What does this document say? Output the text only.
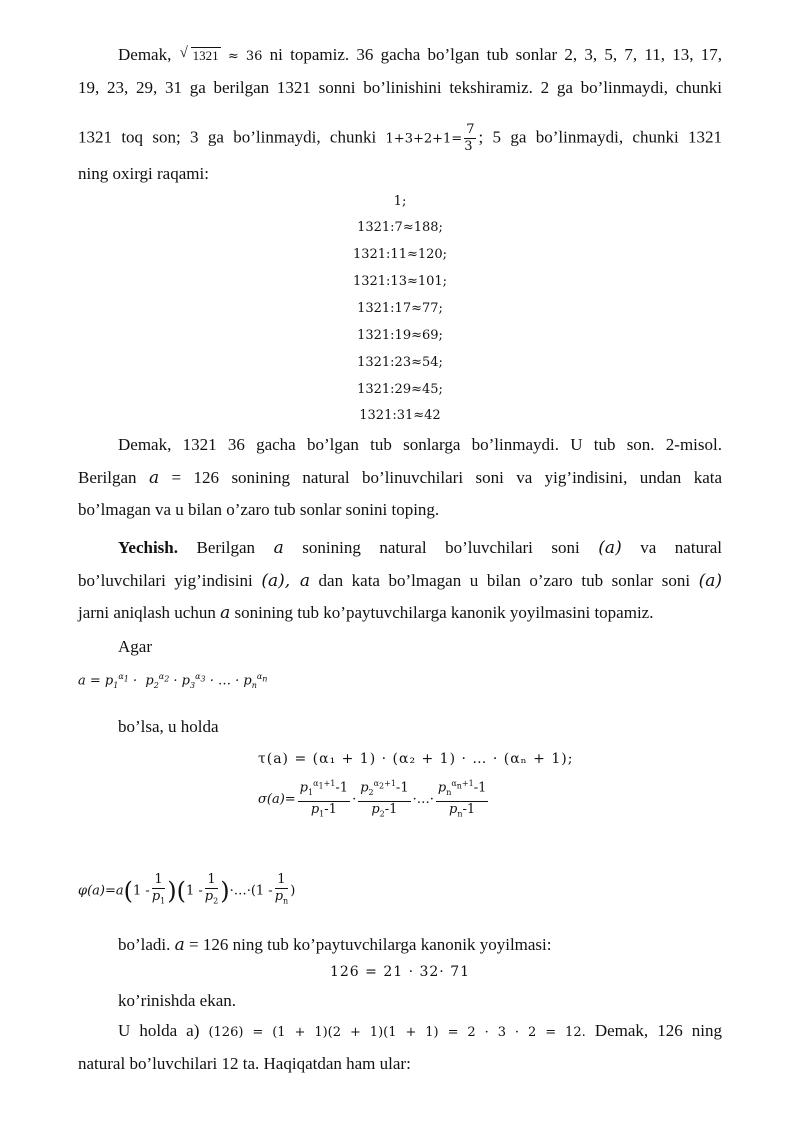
Demak, √ 1321 ≈ 36 ni topamiz. 36 gacha bo’lgan tub sonlar 2, 3, 5, 7, 11, 13, 17,
19, 23, 29, 31 ga berilgan 1321 sonni bo’linishini tekshiramiz. 2 ga bo’linmaydi, chunki
1321 toq son; 3 ga bo’linmaydi, chunki $1+3+2+1= \frac{7}{3}$ ; 5 ga bo’linmaydi, chunki 1321
ning oxirgi raqami:
1;
1321:7≈188;
1321:11≈120;
1321:13≈101;
1321:17≈77;
1321:19≈69;
1321:23≈54;
1321:29≈45;
1321:31≈42
Demak, 1321 36 gacha bo’lgan tub sonlarga bo’linmaydi. U tub son. 2-misol.
Berilgan a = 126 sonining natural bo’linuvchilari soni va yig’indisini, undan kata
bo’lmagan va u bilan o’zaro tub sonlar sonini toping.
Yechish. Berilgan a sonining natural bo’luvchilari soni (a) va natural
bo’luvchilari yig’indisini (a), a dan kata bo’lmagan u bilan o’zaro tub sonlar soni (a)
jarni aniqlash uchun a sonining tub ko’paytuvchilarga kanonik yoyilmasini topamiz.
Agar
$a = p_1^{\alpha_1} \cdot p_2^{\alpha_2} \cdot p_3^{\alpha_3}$ · … · $p_n^{\alpha_n}$
bo’lsa, u holda
τ(a) = (α₁ + 1) · (α₂ + 1) · … · (αₙ + 1);
$\sigma(a)= \frac{p_1^{\alpha_1+1}-1}{p_1-1} \cdot \frac{p_2^{\alpha_2+1}-1}{p_2-1}$ ·…· $\frac{p_n^{\alpha_n+1}-1}{p_n-1}$
$\varphi(a)=a(1 - \frac{1}{p_1} )(1 - \frac{1}{p_2}$ )·…·(1 - $\frac{1}{p_n}$ )
bo’ladi. a = 126 ning tub ko’paytuvchilarga kanonik yoyilmasi:
126 = 21 · 32· 71
ko’rinishda ekan.
U holda a) (126) = (1 + 1)(2 + 1)(1 + 1) = 2 · 3 · 2 = 12. Demak, 126 ning
natural bo’luvchilari 12 ta. Haqiqatdan ham ular:
